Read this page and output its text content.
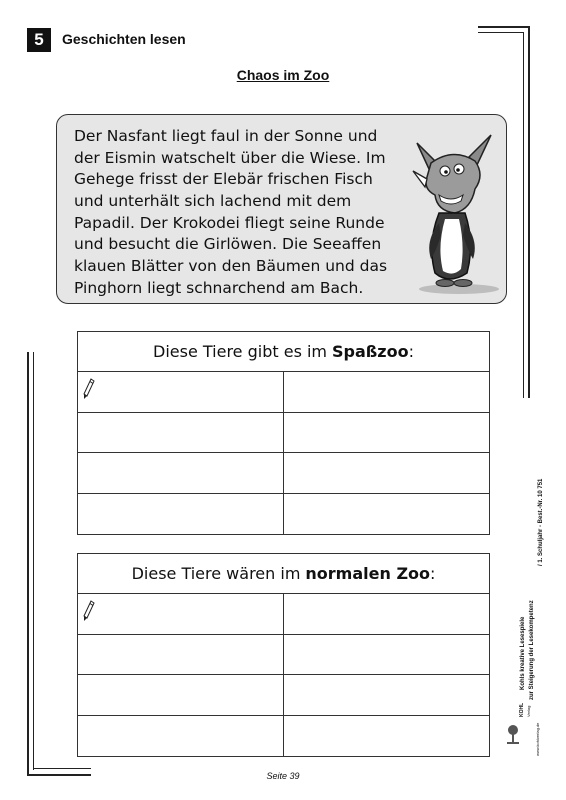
5	Geschichten lesen
Chaos im Zoo
Der Nasfant liegt faul in der Sonne und
der Eismin watschelt über die Wiese. Im
Gehege frisst der Elebär frischen Fisch
und unterhält sich lachend mit dem
Papadil. Der Krokodei fliegt seine Runde
und besucht die Girlöwen. Die Seeaffen
klauen Blätter von den Bäumen und das
Pinghorn liegt schnarchend am Bach.
Diese Tiere gibt es im Spaßzoo :
Diese Tiere wären im normalen Zoo :
Kohls kreative Lesespiele zur Steigerung der Lesekompetenz
/ 1. Schuljahr - Best.-Nr. 10 751
KOHL Verlag
www.kohlverlag.de
Seite 39
